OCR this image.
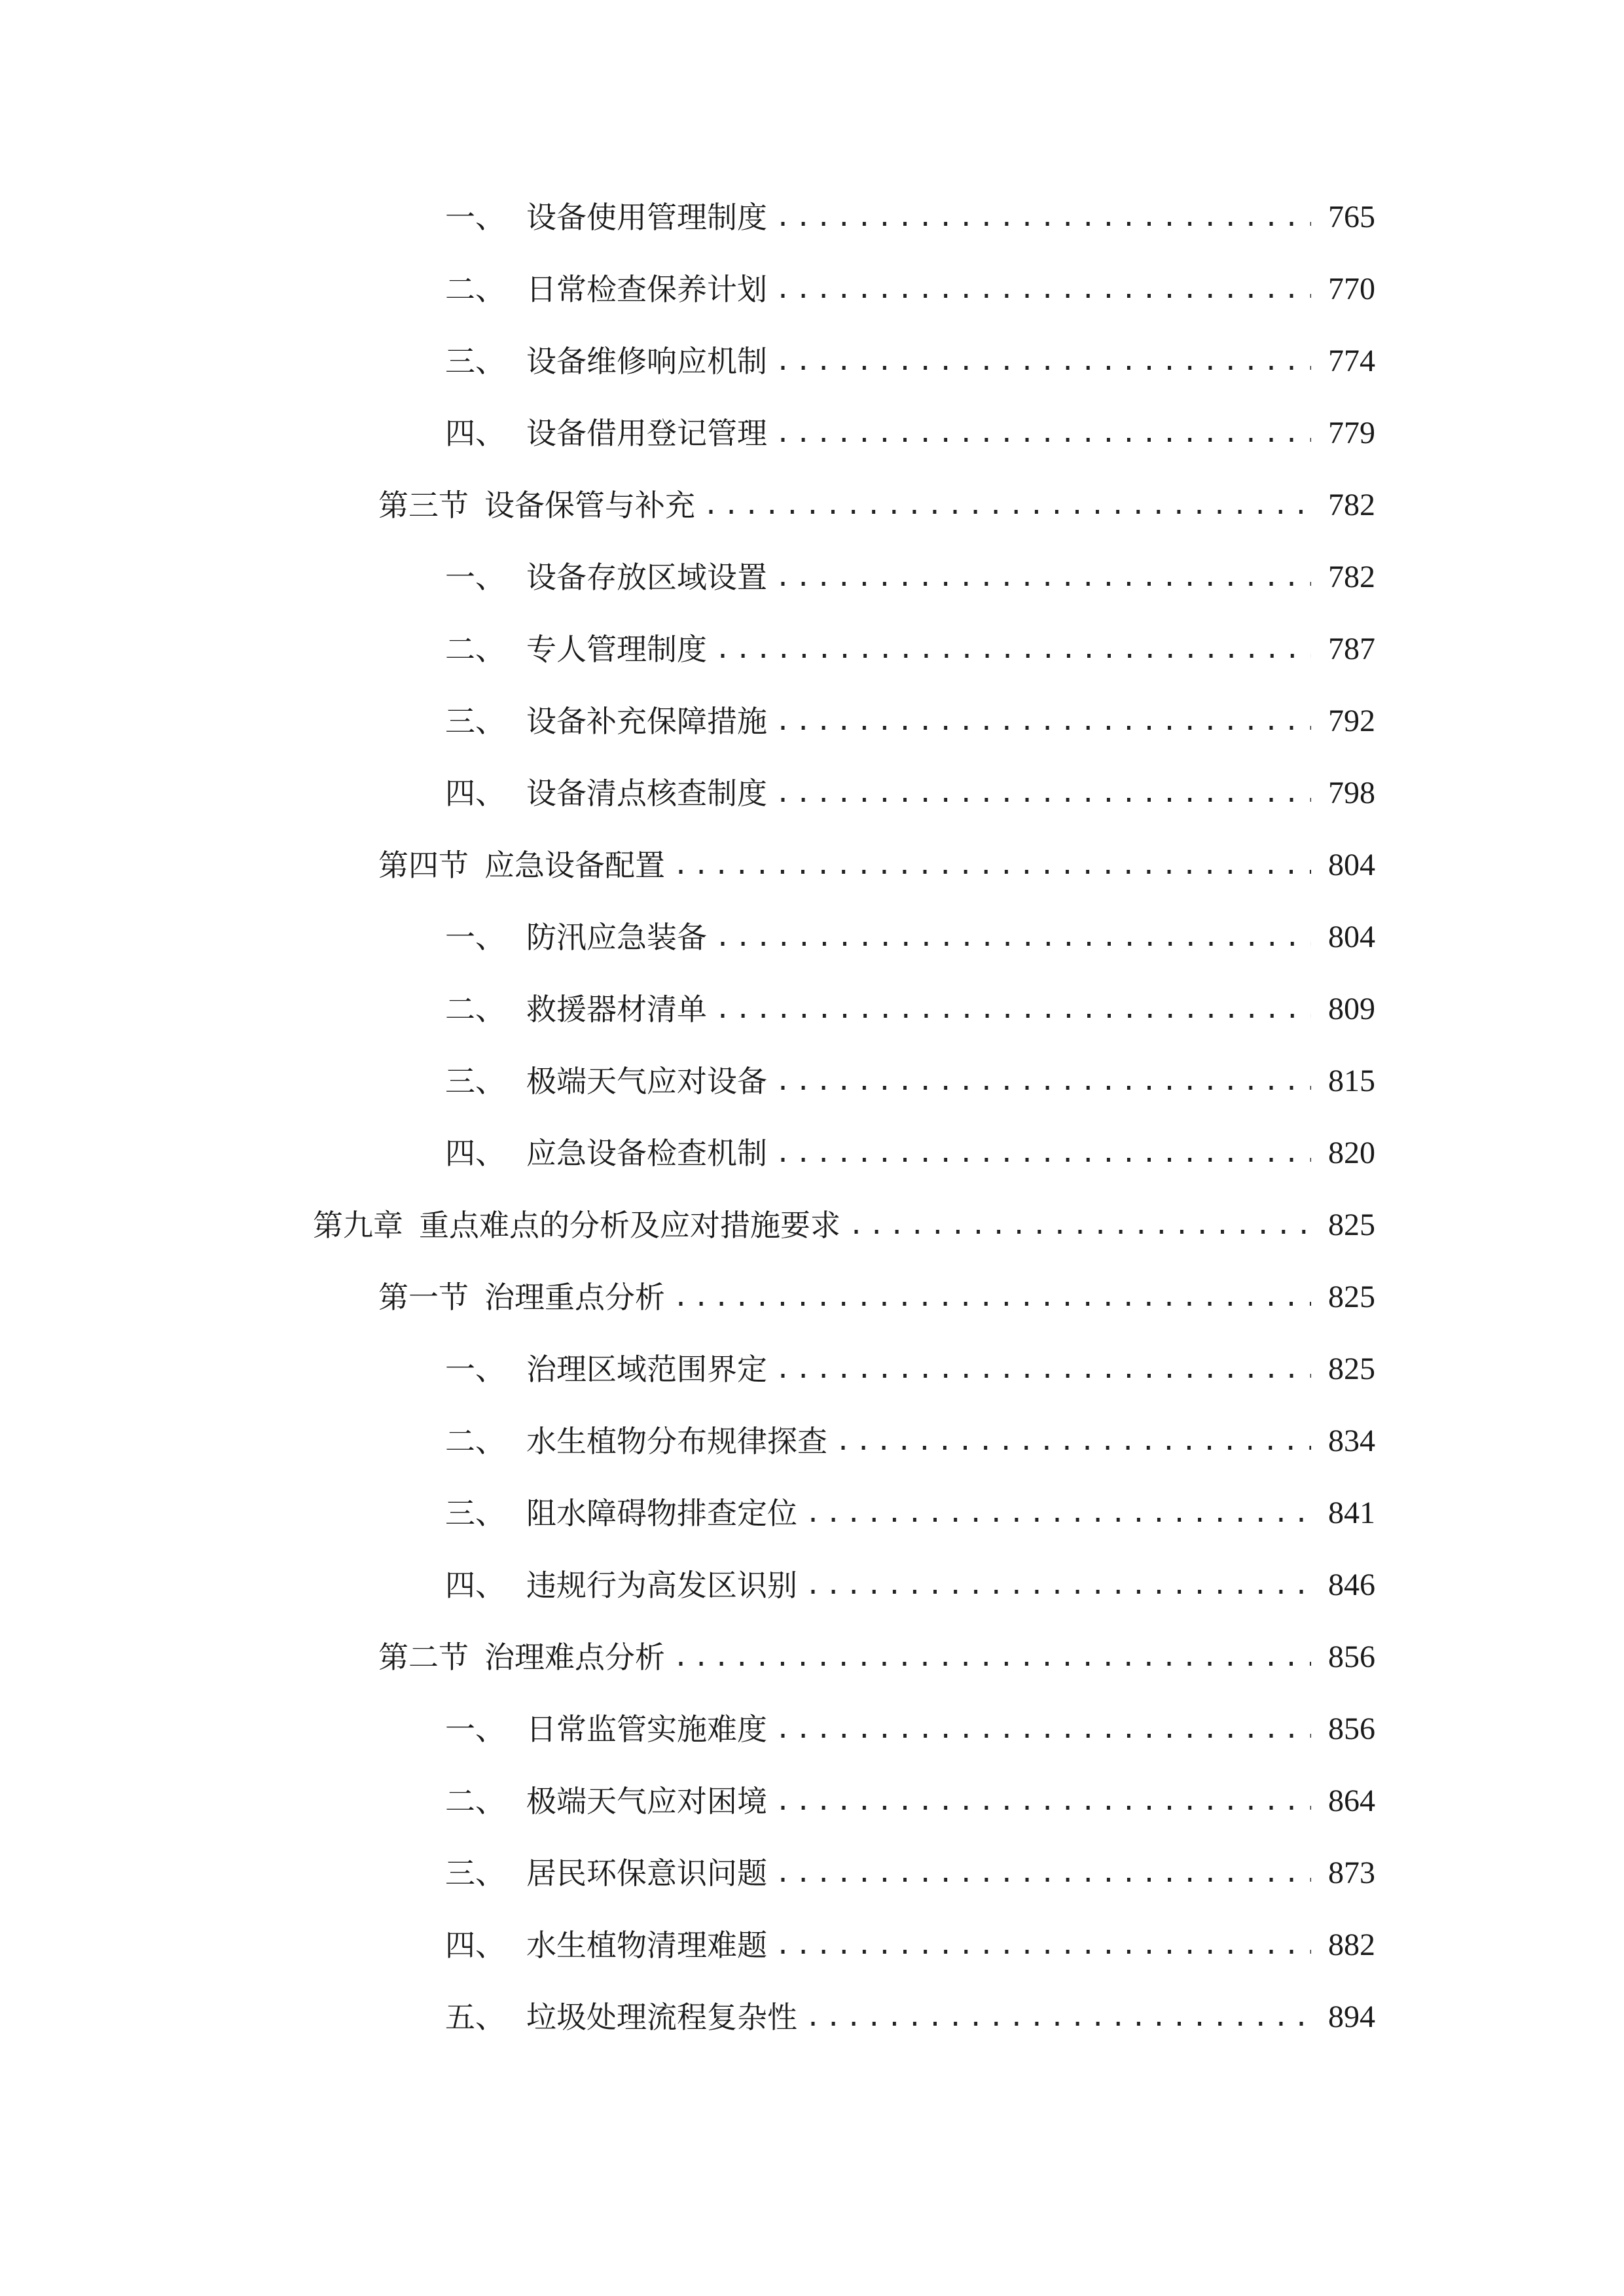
一、 设备使用管理制度 .....	765
二、 日常检查保养计划 .....	770
三、 设备维修响应机制 .....	774
四、 设备借用登记管理 .....	779
第三节 设备保管与补充 .....	782
一、 设备存放区域设置 .....	782
二、 专人管理制度 .....	787
三、 设备补充保障措施 .....	792
四、 设备清点核查制度 .....	798
第四节 应急设备配置 .....	804
一、 防汛应急装备 .....	804
二、 救援器材清单 .....	809
三、 极端天气应对设备 .....	815
四、 应急设备检查机制 .....	820
第九章 重点难点的分析及应对措施要求 .....	825
第一节 治理重点分析 .....	825
一、 治理区域范围界定 .....	825
二、 水生植物分布规律探查 .....	834
三、 阻水障碍物排查定位 .....	841
四、 违规行为高发区识别 .....	846
第二节 治理难点分析 .....	856
一、 日常监管实施难度 .....	856
二、 极端天气应对困境 .....	864
三、 居民环保意识问题 .....	873
四、 水生植物清理难题 .....	882
五、 垃圾处理流程复杂性 .....	894
